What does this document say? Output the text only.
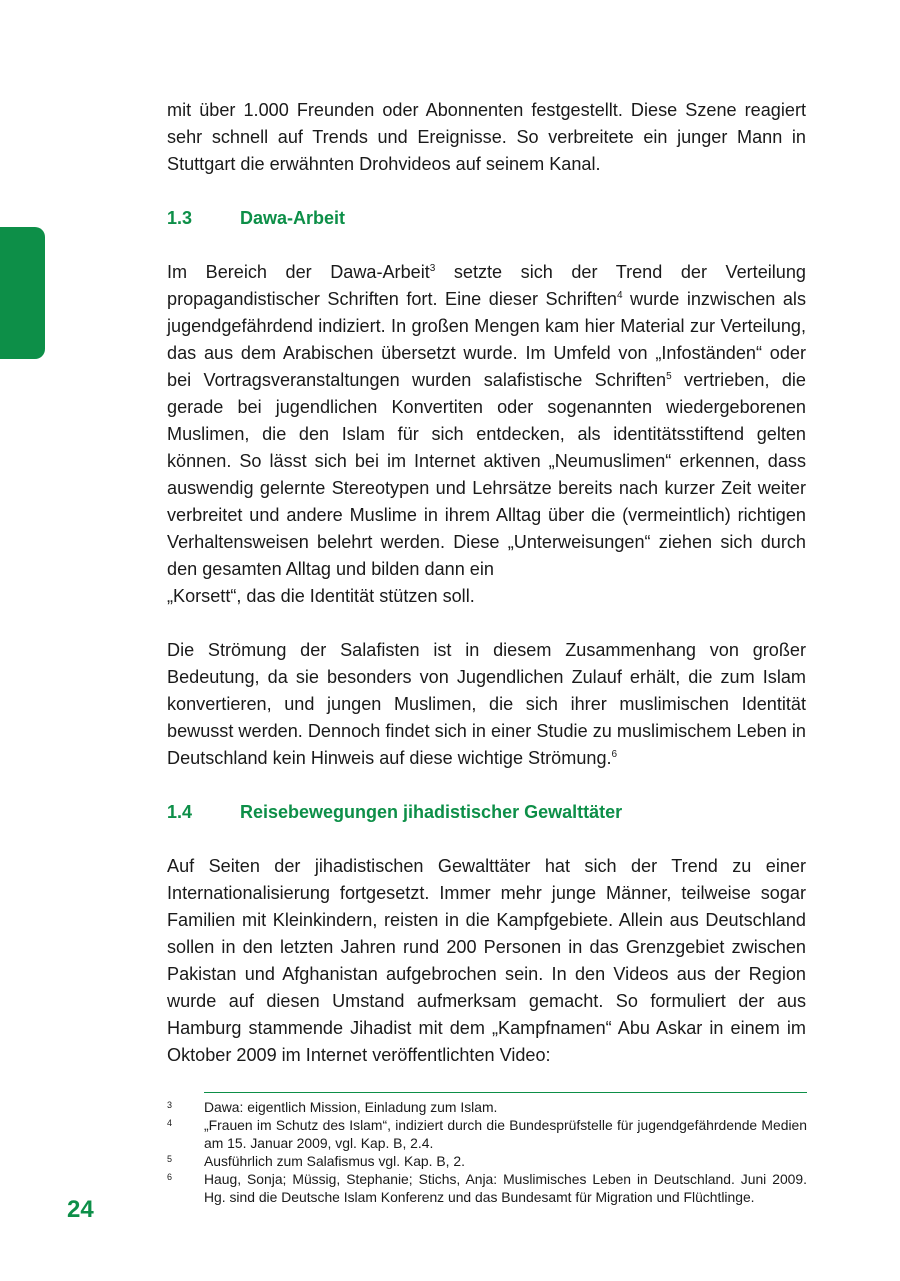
mit über 1.000 Freunden oder Abonnenten festgestellt. Diese Szene reagiert sehr schnell auf Trends und Ereignisse. So verbreitete ein junger Mann in Stuttgart die erwähnten Drohvideos auf seinem Kanal.

1.3	Dawa-Arbeit

Im Bereich der Dawa-Arbeit$^3$ setzte sich der Trend der Verteilung propagandistischer Schriften fort. Eine dieser Schriften$^4$ wurde inzwischen als jugendgefährdend indiziert. In großen Mengen kam hier Material zur Verteilung, das aus dem Arabischen übersetzt wurde. Im Umfeld von „Infoständen“ oder bei Vortragsveranstaltungen wurden salafistische Schriften$^5$ vertrieben, die gerade bei jugendlichen Konvertiten oder sogenannten wiedergeborenen Muslimen, die den Islam für sich entdecken, als identitätsstiftend gelten können. So lässt sich bei im Internet aktiven „Neumuslimen“ erkennen, dass auswendig gelernte Stereotypen und Lehrsätze bereits nach kurzer Zeit weiter verbreitet und andere Muslime in ihrem Alltag über die (vermeintlich) richtigen Verhaltensweisen belehrt werden. Diese „Unterweisungen“ ziehen sich durch den gesamten Alltag und bilden dann ein
„Korsett“, das die Identität stützen soll.

Die Strömung der Salafisten ist in diesem Zusammenhang von großer Bedeutung, da sie besonders von Jugendlichen Zulauf erhält, die zum Islam konvertieren, und jungen Muslimen, die sich ihrer muslimischen Identität bewusst werden. Dennoch findet sich in einer Studie zu muslimischem Leben in Deutschland kein Hinweis auf diese wichtige Strömung.$^6$

1.4	Reisebewegungen jihadistischer Gewalttäter

Auf Seiten der jihadistischen Gewalttäter hat sich der Trend zu einer Internationalisierung fortgesetzt. Immer mehr junge Männer, teilweise sogar Familien mit Kleinkindern, reisten in die Kampfgebiete. Allein aus Deutschland sollen in den letzten Jahren rund 200 Personen in das Grenzgebiet zwischen Pakistan und Afghanistan aufgebrochen sein. In den Videos aus der Region wurde auf diesen Umstand aufmerksam gemacht. So formuliert der aus Hamburg stammende Jihadist mit dem „Kampfnamen“ Abu Askar in einem im Oktober 2009 im Internet veröffentlichten Video:

3	Dawa: eigentlich Mission, Einladung zum Islam.
4	„Frauen im Schutz des Islam“, indiziert durch die Bundesprüfstelle für jugendgefährdende Medien am 15. Januar 2009, vgl. Kap. B, 2.4.
5	Ausführlich zum Salafismus vgl. Kap. B, 2.
6	Haug, Sonja; Müssig, Stephanie; Stichs, Anja: Muslimisches Leben in Deutschland. Juni 2009. Hg. sind die Deutsche Islam Konferenz und das Bundesamt für Migration und Flüchtlinge.
24
